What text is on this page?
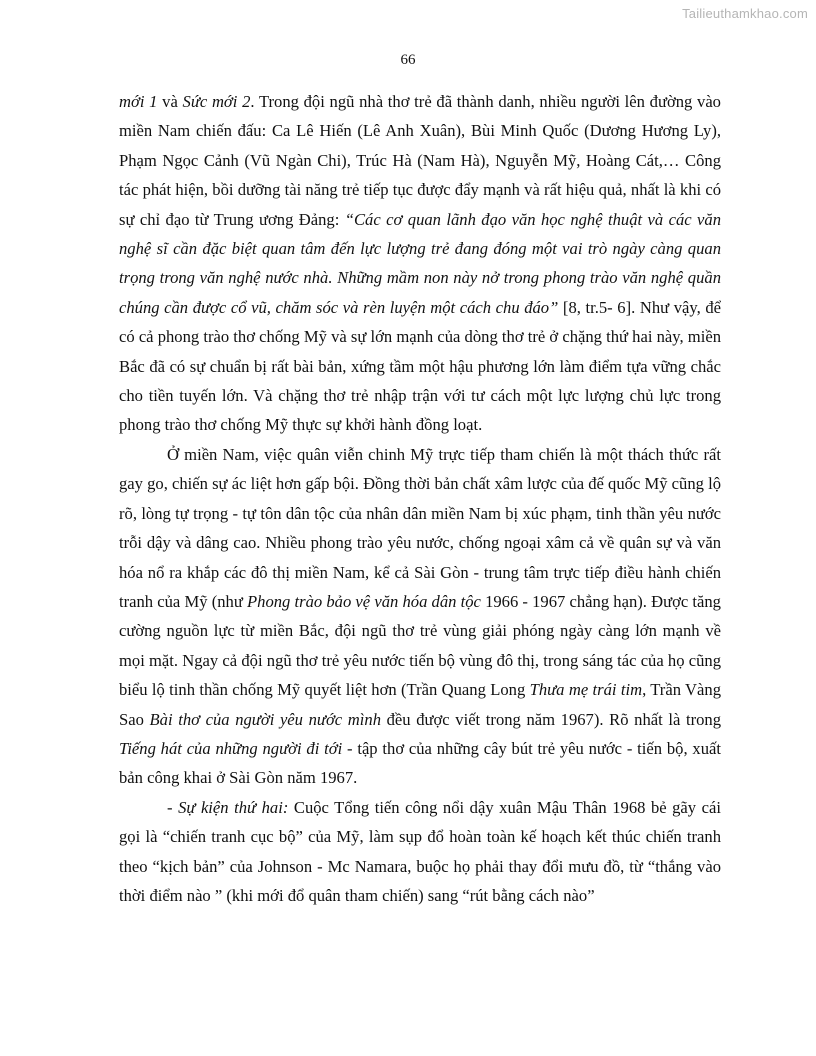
Tailieuthamkhao.com
66

mới 1 và Sức mới 2. Trong đội ngũ nhà thơ trẻ đã thành danh, nhiều người lên đường vào miền Nam chiến đấu: Ca Lê Hiến (Lê Anh Xuân), Bùi Minh Quốc (Dương Hương Ly), Phạm Ngọc Cảnh (Vũ Ngàn Chi), Trúc Hà (Nam Hà), Nguyễn Mỹ, Hoàng Cát,… Công tác phát hiện, bồi dưỡng tài năng trẻ tiếp tục được đẩy mạnh và rất hiệu quả, nhất là khi có sự chỉ đạo từ Trung ương Đảng: “Các cơ quan lãnh đạo văn học nghệ thuật và các văn nghệ sĩ cần đặc biệt quan tâm đến lực lượng trẻ đang đóng một vai trò ngày càng quan trọng trong văn nghệ nước nhà. Những mầm non này nở trong phong trào văn nghệ quần chúng cần được cổ vũ, chăm sóc và rèn luyện một cách chu đáo” [8, tr.5- 6]. Như vậy, để có cả phong trào thơ chống Mỹ và sự lớn mạnh của dòng thơ trẻ ở chặng thứ hai này, miền Bắc đã có sự chuẩn bị rất bài bản, xứng tầm một hậu phương lớn làm điểm tựa vững chắc cho tiền tuyến lớn. Và chặng thơ trẻ nhập trận với tư cách một lực lượng chủ lực trong phong trào thơ chống Mỹ thực sự khởi hành đồng loạt.

Ở miền Nam, việc quân viễn chinh Mỹ trực tiếp tham chiến là một thách thức rất gay go, chiến sự ác liệt hơn gấp bội. Đồng thời bản chất xâm lược của đế quốc Mỹ cũng lộ rõ, lòng tự trọng - tự tôn dân tộc của nhân dân miền Nam bị xúc phạm, tinh thần yêu nước trỗi dậy và dâng cao. Nhiều phong trào yêu nước, chống ngoại xâm cả về quân sự và văn hóa nổ ra khắp các đô thị miền Nam, kể cả Sài Gòn - trung tâm trực tiếp điều hành chiến tranh của Mỹ (như Phong trào bảo vệ văn hóa dân tộc 1966 - 1967 chẳng hạn). Được tăng cường nguồn lực từ miền Bắc, đội ngũ thơ trẻ vùng giải phóng ngày càng lớn mạnh về mọi mặt. Ngay cả đội ngũ thơ trẻ yêu nước tiến bộ vùng đô thị, trong sáng tác của họ cũng biểu lộ tinh thần chống Mỹ quyết liệt hơn (Trần Quang Long Thưa mẹ trái tim, Trần Vàng Sao Bài thơ của người yêu nước mình đều được viết trong năm 1967). Rõ nhất là trong Tiếng hát của những người đi tới - tập thơ của những cây bút trẻ yêu nước - tiến bộ, xuất bản công khai ở Sài Gòn năm 1967.

- Sự kiện thứ hai: Cuộc Tổng tiến công nổi dậy xuân Mậu Thân 1968 bẻ gãy cái gọi là “chiến tranh cục bộ” của Mỹ, làm sụp đổ hoàn toàn kế hoạch kết thúc chiến tranh theo “kịch bản” của Johnson - Mc Namara, buộc họ phải thay đổi mưu đồ, từ “thắng vào thời điểm nào ” (khi mới đổ quân tham chiến) sang “rút bằng cách nào”
